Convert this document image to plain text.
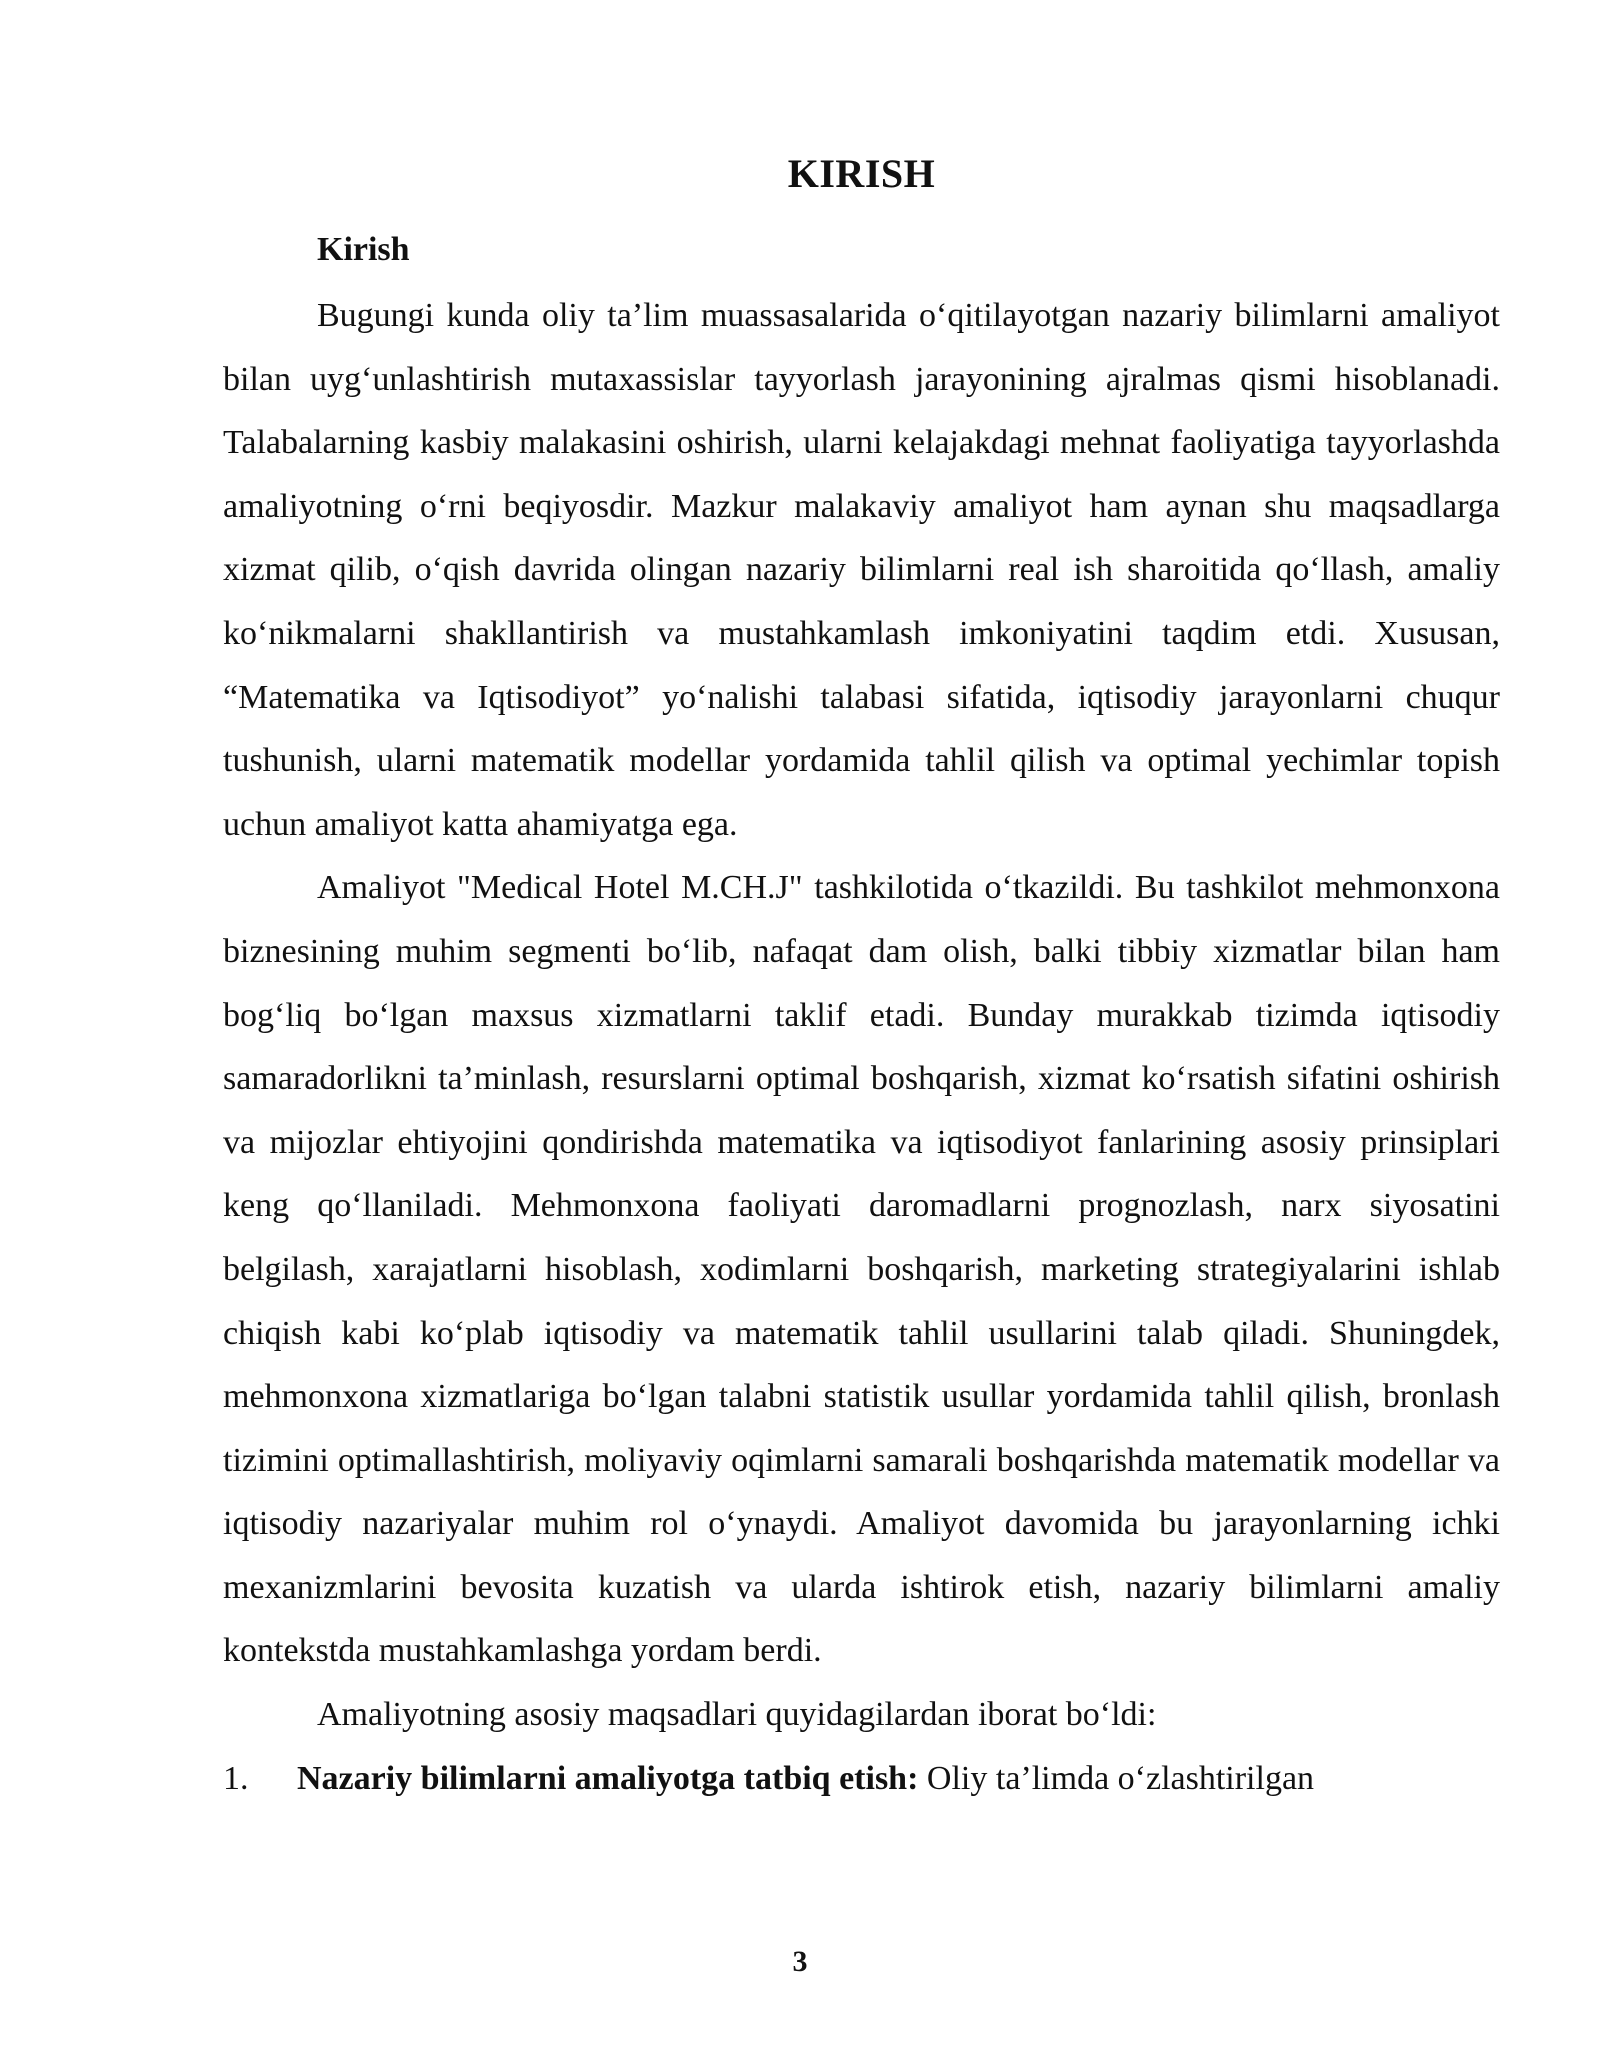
KIRISH
Kirish

Bugungi kunda oliy ta’lim muassasalarida o‘qitilayotgan nazariy bilimlarni amaliyot bilan uyg‘unlashtirish mutaxassislar tayyorlash jarayonining ajralmas qismi hisoblanadi. Talabalarning kasbiy malakasini oshirish, ularni kelajakdagi mehnat faoliyatiga tayyorlashda amaliyotning o‘rni beqiyosdir. Mazkur malakaviy amaliyot ham aynan shu maqsadlarga xizmat qilib, o‘qish davrida olingan nazariy bilimlarni real ish sharoitida qo‘llash, amaliy ko‘nikmalarni shakllantirish va mustahkamlash imkoniyatini taqdim etdi. Xususan, “Matematika va Iqtisodiyot” yo‘nalishi talabasi sifatida, iqtisodiy jarayonlarni chuqur tushunish, ularni matematik modellar yordamida tahlil qilish va optimal yechimlar topish uchun amaliyot katta ahamiyatga ega.

Amaliyot "Medical Hotel M.CH.J" tashkilotida o‘tkazildi. Bu tashkilot mehmonxona biznesining muhim segmenti bo‘lib, nafaqat dam olish, balki tibbiy xizmatlar bilan ham bog‘liq bo‘lgan maxsus xizmatlarni taklif etadi. Bunday murakkab tizimda iqtisodiy samaradorlikni ta’minlash, resurslarni optimal boshqarish, xizmat ko‘rsatish sifatini oshirish va mijozlar ehtiyojini qondirishda matematika va iqtisodiyot fanlarining asosiy prinsiplari keng qo‘llaniladi. Mehmonxona faoliyati daromadlarni prognozlash, narx siyosatini belgilash, xarajatlarni hisoblash, xodimlarni boshqarish, marketing strategiyalarini ishlab chiqish kabi ko‘plab iqtisodiy va matematik tahlil usullarini talab qiladi. Shuningdek, mehmonxona xizmatlariga bo‘lgan talabni statistik usullar yordamida tahlil qilish, bronlash tizimini optimallashtirish, moliyaviy oqimlarni samarali boshqarishda matematik modellar va iqtisodiy nazariyalar muhim rol o‘ynaydi. Amaliyot davomida bu jarayonlarning ichki mexanizmlarini bevosita kuzatish va ularda ishtirok etish, nazariy bilimlarni amaliy kontekstda mustahkamlashga yordam berdi.

Amaliyotning asosiy maqsadlari quyidagilardan iborat bo‘ldi:

1. Nazariy bilimlarni amaliyotga tatbiq etish: Oliy ta’limda o‘zlashtirilgan

3
